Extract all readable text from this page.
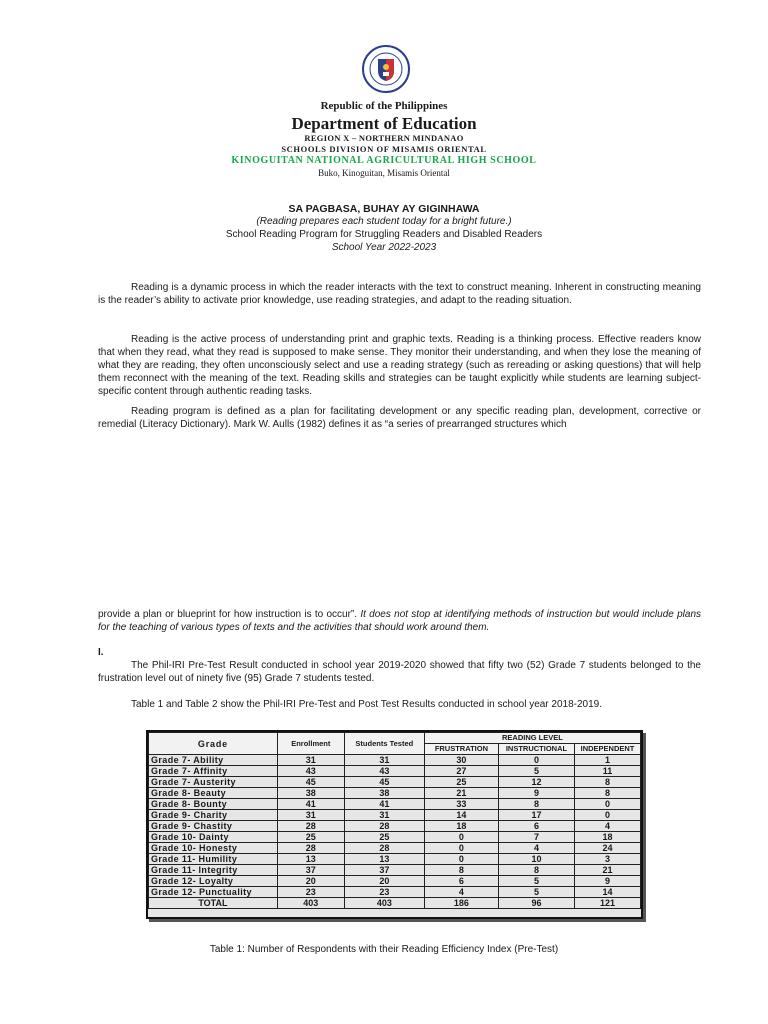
Republic of the Philippines
Department of Education
REGION X – NORTHERN MINDANAO
SCHOOLS DIVISION OF MISAMIS ORIENTAL
KINOGUITAN NATIONAL AGRICULTURAL HIGH SCHOOL
Buko, Kinoguitan, Misamis Oriental
SA PAGBASA, BUHAY AY GIGINHAWA
(Reading prepares each student today for a bright future.)
School Reading Program for Struggling Readers and Disabled Readers
School Year 2022-2023
Reading is a dynamic process in which the reader interacts with the text to construct meaning. Inherent in constructing meaning is the reader’s ability to activate prior knowledge, use reading strategies, and adapt to the reading situation.
Reading is the active process of understanding print and graphic texts. Reading is a thinking process. Effective readers know that when they read, what they read is supposed to make sense. They monitor their understanding, and when they lose the meaning of what they are reading, they often unconsciously select and use a reading strategy (such as rereading or asking questions) that will help them reconnect with the meaning of the text. Reading skills and strategies can be taught explicitly while students are learning subject-specific content through authentic reading tasks.
Reading program is defined as a plan for facilitating development or any specific reading plan, development, corrective or remedial (Literacy Dictionary). Mark W. Aulls (1982) defines it as “a series of prearranged structures which
provide a plan or blueprint for how instruction is to occur”. It does not stop at identifying methods of instruction but would include plans for the teaching of various types of texts and the activities that should work around them.
I.
The Phil-IRI Pre-Test Result conducted in school year 2019-2020 showed that fifty two (52) Grade 7 students belonged to the frustration level out of ninety five (95) Grade 7 students tested.
Table 1 and Table 2 show the Phil-IRI Pre-Test and Post Test Results conducted in school year 2018-2019.
Grade	Enrollment	Students Tested	READING LEVEL		
			FRUSTRATION	INSTRUCTIONAL	INDEPENDENT
Grade 7- Ability	31	31	30	0	1
Grade 7- Affinity	43	43	27	5	11
Grade 7- Austerity	45	45	25	12	8
Grade 8- Beauty	38	38	21	9	8
Grade 8- Bounty	41	41	33	8	0
Grade 9- Charity	31	31	14	17	0
Grade 9- Chastity	28	28	18	6	4
Grade 10- Dainty	25	25	0	7	18
Grade 10- Honesty	28	28	0	4	24
Grade 11- Humility	13	13	0	10	3
Grade 11- Integrity	37	37	8	8	21
Grade 12- Loyalty	20	20	6	5	9
Grade 12- Punctuality	23	23	4	5	14
TOTAL	403	403	186	96	121
Table 1: Number of Respondents with their Reading Efficiency Index (Pre-Test)
